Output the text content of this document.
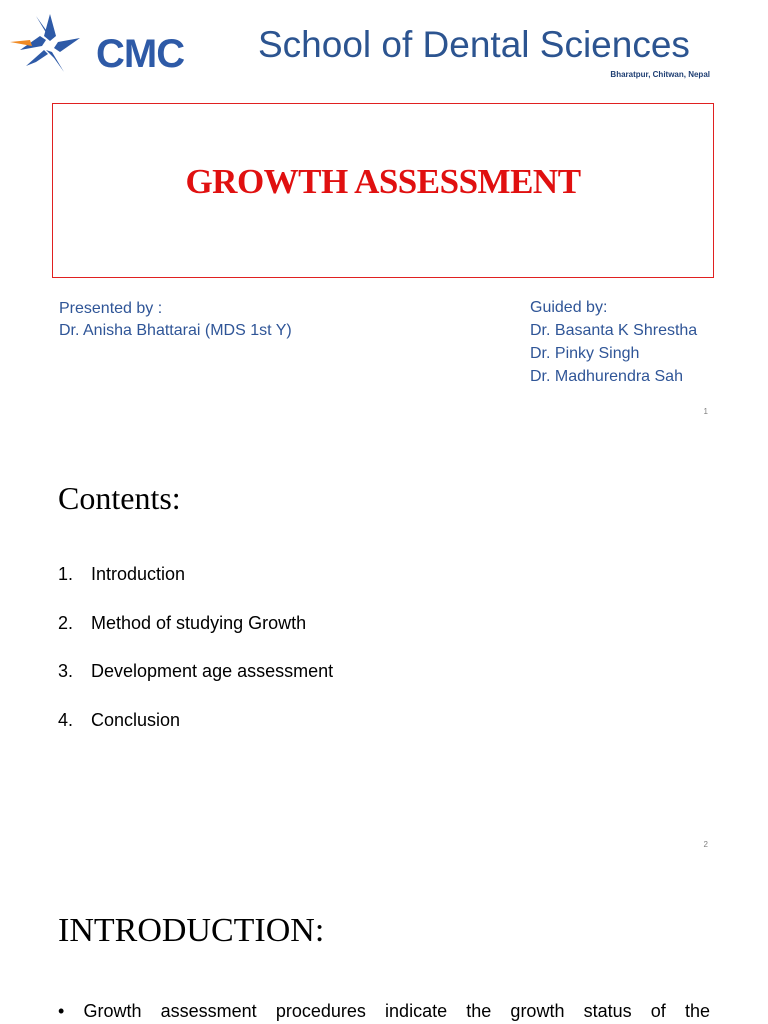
CMC School of Dental Sciences
Bharatpur, Chitwan, Nepal
GROWTH ASSESSMENT
Presented by :
Dr. Anisha Bhattarai (MDS 1st Y)
Guided by:
Dr. Basanta K Shrestha
Dr. Pinky Singh
Dr. Madhurendra Sah
1
Contents:
1. Introduction
2. Method of studying Growth
3. Development age assessment
4. Conclusion
2
INTRODUCTION:
• Growth assessment procedures indicate the growth status of the
